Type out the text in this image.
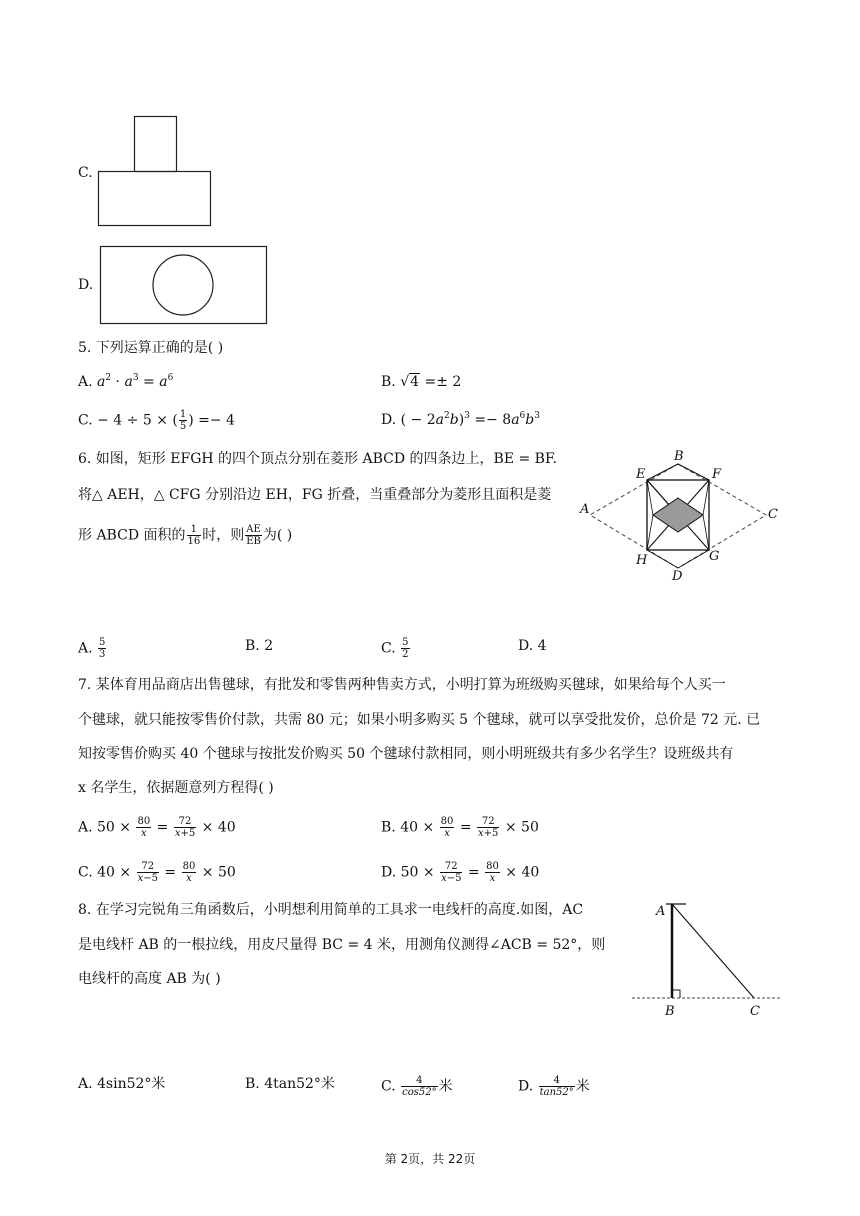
C.
D.
5. 下列运算正确的是( )
A. $a^2 \cdot a^3 = a^6$	B. √4 =± 2
C. − 4 ÷ 5 × ( $\frac{1}{5}$ ) =− 4	D. ( − $2a^2b)^3 =- 8a^6b^3$
6. 如图，矩形 EFGH 的四个顶点分别在菱形 ABCD 的四条边上，BE = BF.
将△ AEH，△ CFG 分别沿边 EH，FG 折叠，当重叠部分为菱形且面积是菱
形 ABCD 面积的 $\frac{1}{16}$ 时，则 $\frac{AE}{EB}$ 为( )
B
A	C
D
E	F
G
H
A. $\frac{5}{3}$	B. 2	C. $\frac{5}{2}$	D. 4
7. 某体育用品商店出售毽球，有批发和零售两种售卖方式，小明打算为班级购买毽球，如果给每个人买一
个毽球，就只能按零售价付款，共需 80 元；如果小明多购买 5 个毽球，就可以享受批发价，总价是 72 元. 已
知按零售价购买 40 个毽球与按批发价购买 50 个毽球付款相同，则小明班级共有多少名学生？设班级共有
x 名学生，依据题意列方程得( )
A. $50 \times \frac{80}{x} = \frac{72}{x+5} \times 40$	B. $40 \times \frac{80}{x} = \frac{72}{x+5} \times 50$
C. $40 \times \frac{72}{x-5} = \frac{80}{x} \times 50$	D. $50 \times \frac{72}{x-5} = \frac{80}{x} \times 40$
8. 在学习完锐角三角函数后，小明想利用简单的工具求一电线杆的高度.如图，AC
是电线杆 AB 的一根拉线，用皮尺量得 BC = 4 米，用测角仪测得∠ACB = 52°，则
电线杆的高度 AB 为( )
A
B	C
A. 4sin52°米	B. 4tan52°米	C. $\frac{4}{\cos 52^\circ}$ 米	D. $\frac{4}{\tan 52^\circ}$ 米
第 2页，共 22页
